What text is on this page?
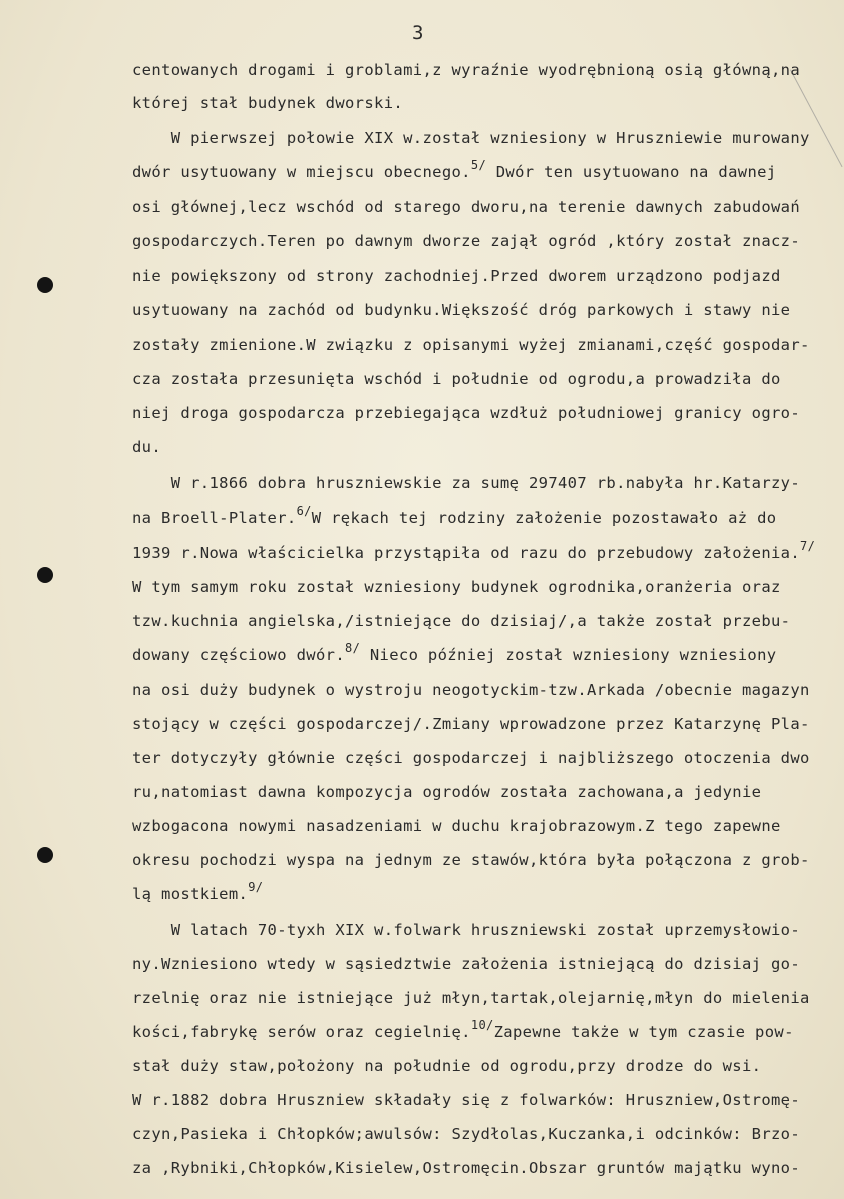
3
centowanych drogami i groblami,z wyraźnie wyodrębnioną osią główną,na
której stał budynek dworski.
W pierwszej połowie XIX w.został wzniesiony w Hruszniewie murowany
dwór usytuowany w miejscu obecnego.$^{5/}$ Dwór ten usytuowano na dawnej
osi głównej,lecz wschód od starego dworu,na terenie dawnych zabudowań
gospodarczych.Teren po dawnym dworze zajął ogród ,który został znacz-
nie powiększony od strony zachodniej.Przed dworem urządzono podjazd
usytuowany na zachód od budynku.Większość dróg parkowych i stawy nie
zostały zmienione.W związku z opisanymi wyżej zmianami,część gospodar-
cza została przesunięta wschód i południe od ogrodu,a prowadziła do
niej droga gospodarcza przebiegająca wzdłuż południowej granicy ogro-
du.
W r.1866 dobra hruszniewskie za sumę 297407 rb.nabyła hr.Katarzy-
na Broell-Plater.$^{6/}$W rękach tej rodziny założenie pozostawało aż do
1939 r.Nowa właścicielka przystąpiła od razu do przebudowy założenia.$^{7/}$
W tym samym roku został wzniesiony budynek ogrodnika,oranżeria oraz
tzw.kuchnia angielska,/istniejące do dzisiaj/,a także został przebu-
dowany częściowo dwór.$^{8/}$ Nieco później został wzniesiony wzniesiony
na osi duży budynek o wystroju neogotyckim-tzw.Arkada /obecnie magazyn
stojący w części gospodarczej/.Zmiany wprowadzone przez Katarzynę Pla-
ter dotyczyły głównie części gospodarczej i najbliższego otoczenia dwo
ru,natomiast dawna kompozycja ogrodów została zachowana,a jedynie
wzbogacona nowymi nasadzeniami w duchu krajobrazowym.Z tego zapewne
okresu pochodzi wyspa na jednym ze stawów,która była połączona z grob-
lą mostkiem.$^{9/}$
W latach 70-tyxh XIX w.folwark hruszniewski został uprzemysłowio-
ny.Wzniesiono wtedy w sąsiedztwie założenia istniejącą do dzisiaj go-
rzelnię oraz nie istniejące już młyn,tartak,olejarnię,młyn do mielenia
kości,fabrykę serów oraz cegielnię.$^{10/}$Zapewne także w tym czasie pow-
stał duży staw,położony na południe od ogrodu,przy drodze do wsi.
W r.1882 dobra Hruszniew składały się z folwarków: Hruszniew,Ostromę-
czyn,Pasieka i Chłopków;awulsów: Szydłolas,Kuczanka,i odcinków: Brzo-
za ,Rybniki,Chłopków,Kisielew,Ostromęcin.Obszar gruntów majątku wyno-
